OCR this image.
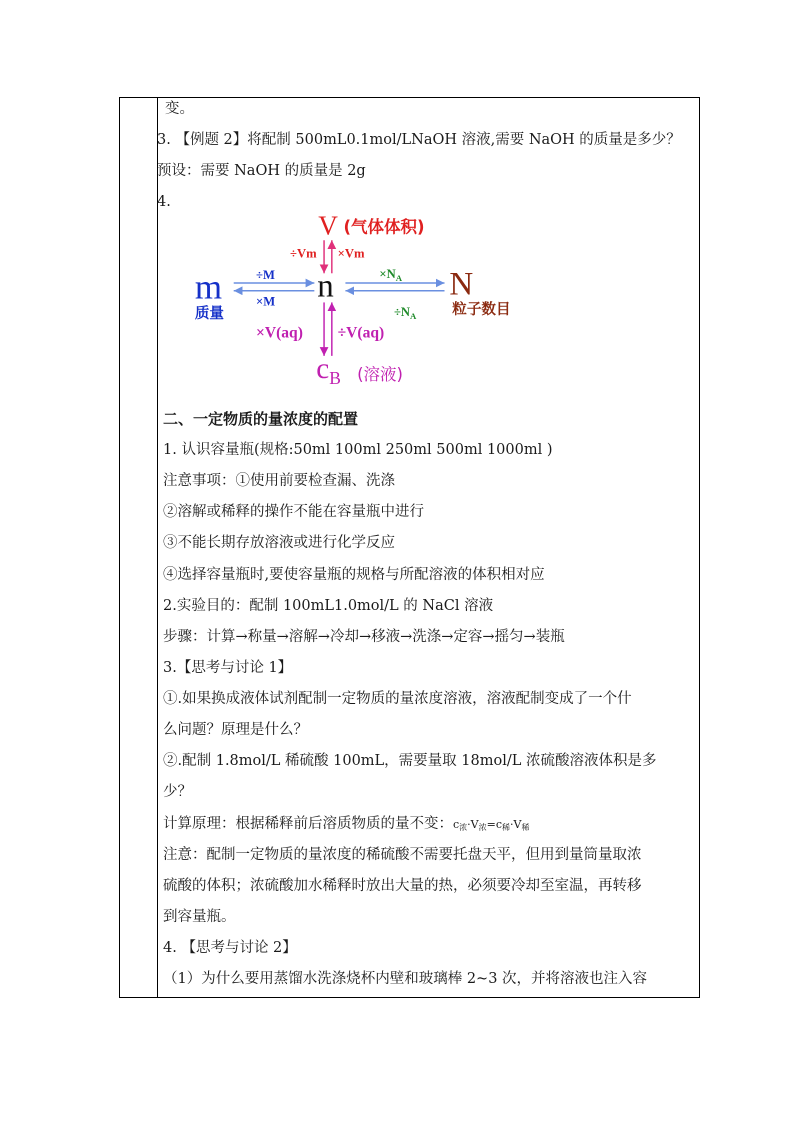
变。
3. 【例题 2】将配制 500mL0.1mol/LNaOH 溶液,需要 NaOH 的质量是多少？
预设：需要 NaOH 的质量是 2g
4.
V (气体体积)
÷Vm ×Vm
m
质量
÷M
×M n	$\times N_A$
$\div N_A$
N
粒子数目
×V(aq) ÷V(aq)
$c_B$ (溶液)
二、一定物质的量浓度的配置
1. 认识容量瓶(规格:50ml 100ml 250ml 500ml 1000ml )
注意事项：①使用前要检查漏、洗涤
②溶解或稀释的操作不能在容量瓶中进行
③不能长期存放溶液或进行化学反应
④选择容量瓶时,要使容量瓶的规格与所配溶液的体积相对应
2.实验目的：配制 100mL1.0mol/L 的 NaCl 溶液
步骤：计算→称量→溶解→冷却→移液→洗涤→定容→摇匀→装瓶
3.【思考与讨论 1】
①.如果换成液体试剂配制一定物质的量浓度溶液，溶液配制变成了一个什
么问题？原理是什么？
②.配制 1.8mol/L 稀硫酸 100mL，需要量取 18mol/L 浓硫酸溶液体积是多
少？
计算原理：根据稀释前后溶质物质的量不变：c浓·V浓=c稀·V稀
注意：配制一定物质的量浓度的稀硫酸不需要托盘天平，但用到量筒量取浓
硫酸的体积；浓硫酸加水稀释时放出大量的热，必须要冷却至室温，再转移
到容量瓶。
4. 【思考与讨论 2】
（1）为什么要用蒸馏水洗涤烧杯内壁和玻璃棒 2~3 次，并将溶液也注入容
